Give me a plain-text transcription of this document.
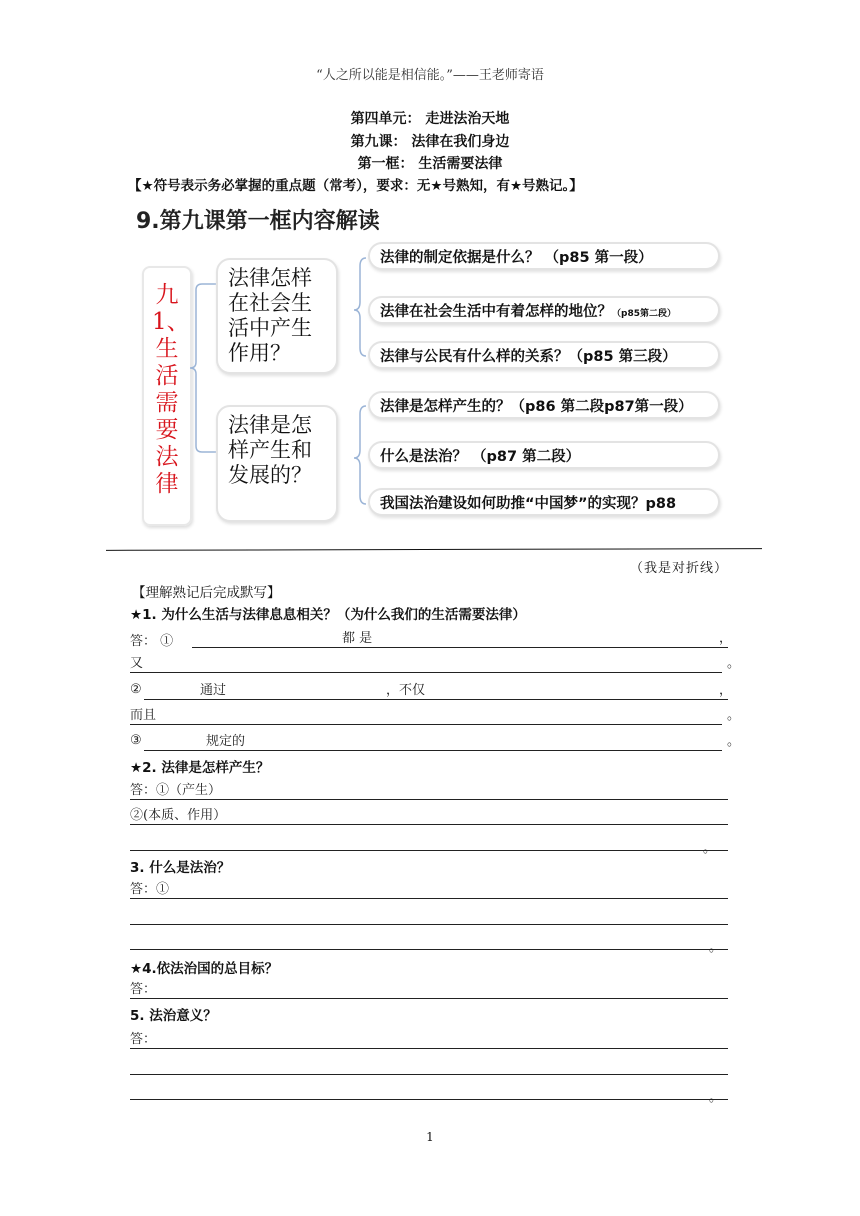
“人之所以能是相信能。”——王老师寄语
第四单元： 走进法治天地
第九课： 法律在我们身边
第一框： 生活需要法律
【★符号表示务必掌握的重点题（常考），要求：无★号熟知，有★号熟记。】
9.第九课第一框内容解读
九1、生活需要法律
法律怎样在社会生活中产生作用？
法律是怎样产生和发展的？
法律的制定依据是什么？ （p85 第一段）
法律在社会生活中有着怎样的地位？（p85第二段）
法律与公民有什么样的关系？（p85 第三段）
法律是怎样产生的？（p86 第二段p87第一段）
什么是法治？ （p87 第二段）
我国法治建设如何助推“中国梦”的实现？p88
（我是对折线）
【理解熟记后完成默写】
★1. 为什么生活与法律息息相关？（为什么我们的生活需要法律）
都 是	，
答： ①
又	。
通过	，不仅	，
②
而且	。
规定的	。
③
★2. 法律是怎样产生？
答：①（产生）
②(本质、作用）
。
3. 什么是法治？
答：①
。
★4.依法治国的总目标？
答：
5. 法治意义？
答：
。
1
